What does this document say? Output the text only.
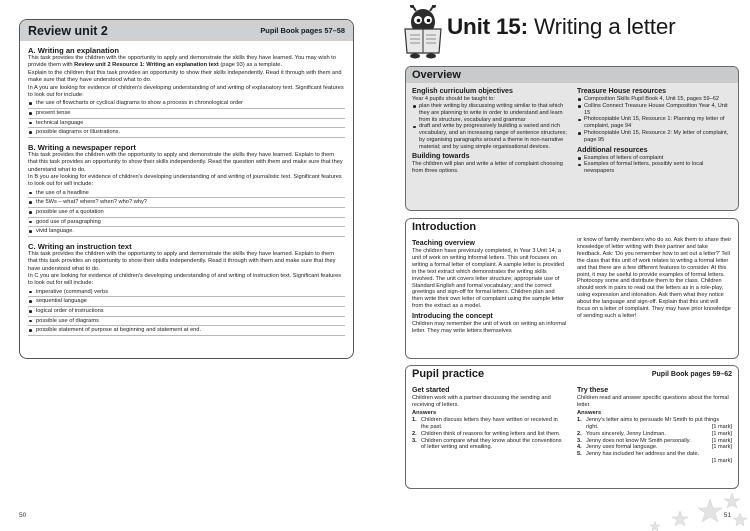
Review unit 2	Pupil Book pages 57–58
A. Writing an explanation

This task provides the children with the opportunity to apply and demonstrate the skills they have learned. You may wish to provide them with Review unit 2 Resource 1: Writing an explanation text (page 93) as a template.

Explain to the children that this task provides an opportunity to show their skills independently. Read it through with them and make sure that they have understood what to do.

In A you are looking for evidence of children's developing understanding of and writing of explanatory text. Significant features to look out for include:

the use of flowcharts or cyclical diagrams to show a process in chronological order
present tense
technical language
possible diagrams or illustrations.
B. Writing a newspaper report

This task provides the children with the opportunity to apply and demonstrate the skills they have learned. Explain to them that this task provides an opportunity to show their skills independently. Read the question with them and make sure that they understand what to do.

In B you are looking for evidence of children's developing understanding of and writing of journalistic text. Significant features to look out for will include:

the use of a headline
the 5Ws – what? where? when? who? why?
possible use of a quotation
good use of paragraphing
vivid language.
C. Writing an instruction text

This task provides the children with the opportunity to apply and demonstrate the skills they have learned. Explain to them that this task provides an opportunity to show their skills independently. Read it through with them and make sure that they have understood what to do.

In C you are looking for evidence of children's developing understanding of and writing of instruction text. Significant features to look out for will include:

imperative (command) verbs
sequential language
logical order of instructions
possible use of diagrams
possible statement of purpose at beginning and statement at end.
50
Unit 15: Writing a letter
Overview
English curriculum objectives
Year 4 pupils should be taught to:
plan their writing by discussing writing similar to that which they are planning to write in order to understand and learn from its structure, vocabulary and grammar
draft and write by progressively building a varied and rich vocabulary, and an increasing range of sentence structures; by organising paragraphs around a theme in non-narrative material; and by using simple organisational devices.
Building towards
The children will plan and write a letter of complaint choosing from three options.
Treasure House resources
Composition Skills Pupil Book 4, Unit 15, pages 59–62
Collins Connect Treasure House Composition Year 4, Unit 15
Photocopiable Unit 15, Resource 1: Planning my letter of complaint, page 94
Photocopiable Unit 15, Resource 2: My letter of complaint, page 95
Additional resources
Examples of letters of complaint
Examples of formal letters, possibly sent to local newspapers
Introduction
Teaching overview
The children have previously completed, in Year 3 Unit 14, a unit of work on writing informal letters. This unit focuses on writing a formal letter of complaint. A sample letter is provided in the text extract which demonstrates the writing skills involved. The unit covers letter structure; appropriate use of Standard English and formal vocabulary; and the correct greetings and sign-off for formal letters. Children plan and then write their own letter of complaint using the sample letter from the extract as a model.
Introducing the concept
Children may remember the unit of work on writing an informal letter. They may write letters themselves
or know of family members who do so. Ask them to share their knowledge of letter writing with their partner and take feedback. Ask: 'Do you remember how to set out a letter?' Tell the class that this unit of work relates to writing a formal letter and that there are a few different features to consider. At this point, it may be useful to provide examples of formal letters. Photocopy some and distribute them to the class. Children should work in pairs to read out the letters as in a role-play, using expression and intonation. Ask them what they notice about the language and sign-off. Explain that this unit will focus on a letter of complaint. They may have prior knowledge of sending such a letter!
Pupil practice	Pupil Book pages 59–62
Get started
Children work with a partner discussing the sending and receiving of letters.
Answers
1. Children discuss letters they have written or received in the past.
2. Children think of reasons for writing letters and list them.
3. Children compare what they know about the conventions of letter writing and emailing.
Try these
Children read and answer specific questions about the formal letter.
Answers
1. Jenny's letter aims to persuade Mr Smith to put things right.	[1 mark]
2. Yours sincerely, Jenny Lindman.	[1 mark]
3. Jenny does not know Mr Smith personally.	[1 mark]
4. Jenny uses formal language.	[1 mark]
5. Jenny has included her address and the date.

[1 mark]
51
